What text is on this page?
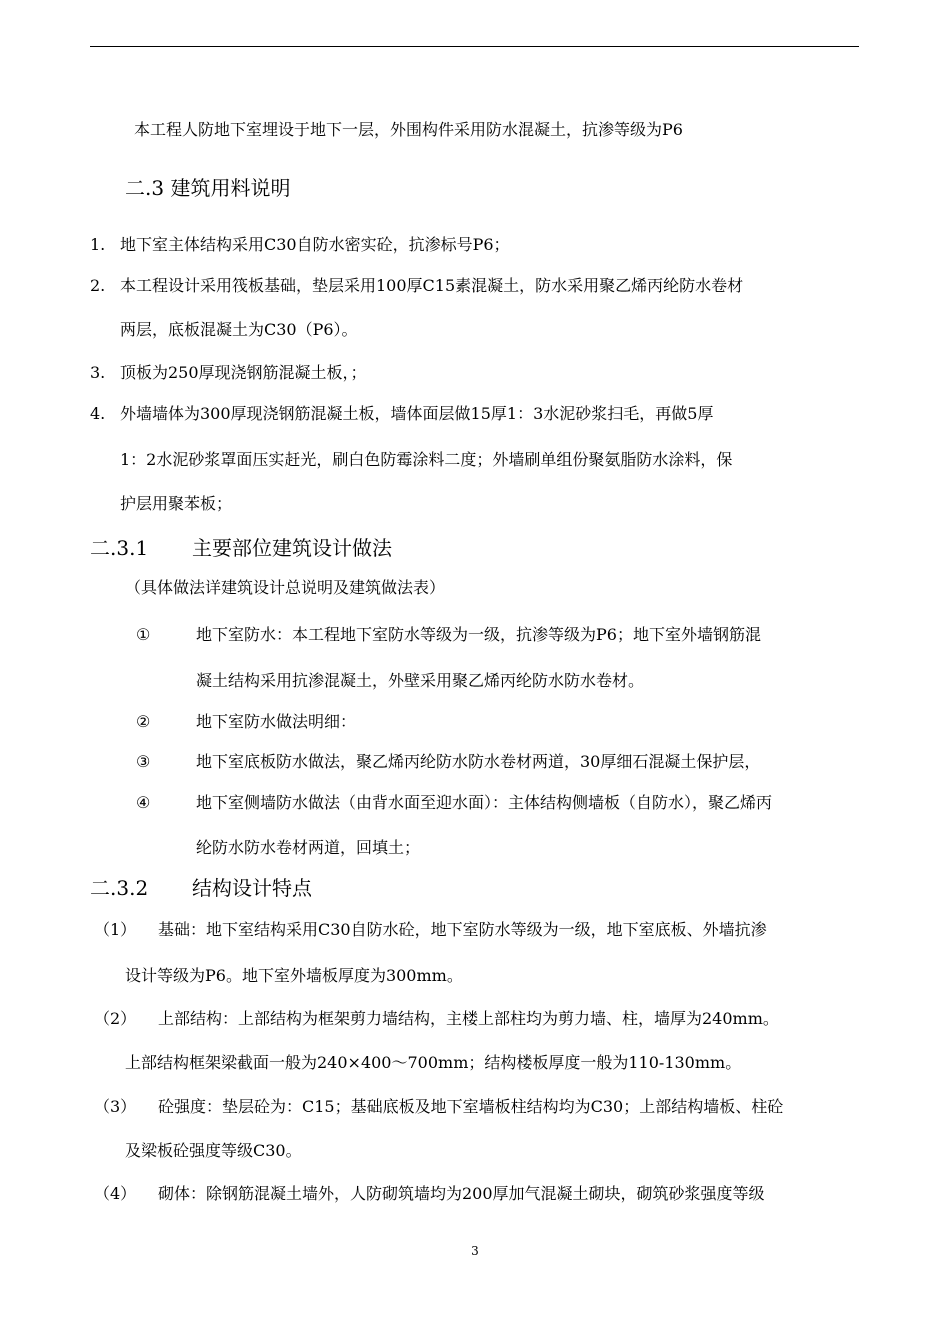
本工程人防地下室埋设于地下一层，外围构件采用防水混凝土，抗渗等级为P6
二.3 建筑用料说明
1. 地下室主体结构采用C30自防水密实砼，抗渗标号P6；
2. 本工程设计采用筏板基础，垫层采用100厚C15素混凝土，防水采用聚乙烯丙纶防水卷材
两层，底板混凝土为C30（P6）。
3. 顶板为250厚现浇钢筋混凝土板，；
4. 外墙墙体为300厚现浇钢筋混凝土板，墙体面层做15厚1：3水泥砂浆扫毛，再做5厚
1：2水泥砂浆罩面压实赶光，刷白色防霉涂料二度；外墙刷单组份聚氨脂防水涂料，保
护层用聚苯板；
二.3.1 主要部位建筑设计做法
（具体做法详建筑设计总说明及建筑做法表）
①	地下室防水：本工程地下室防水等级为一级，抗渗等级为P6；地下室外墙钢筋混
凝土结构采用抗渗混凝土，外壁采用聚乙烯丙纶防水防水卷材。
②	地下室防水做法明细：
③	地下室底板防水做法，聚乙烯丙纶防水防水卷材两道，30厚细石混凝土保护层，
④	地下室侧墙防水做法（由背水面至迎水面）：主体结构侧墙板（自防水），聚乙烯丙
纶防水防水卷材两道，回填土；
二.3.2 结构设计特点
（1） 基础：地下室结构采用C30自防水砼，地下室防水等级为一级，地下室底板、外墙抗渗
设计等级为P6。地下室外墙板厚度为300mm。
（2） 上部结构：上部结构为框架剪力墙结构，主楼上部柱均为剪力墙、柱，墙厚为240mm。
上部结构框架梁截面一般为240×400～700mm；结构楼板厚度一般为110-130mm。
（3） 砼强度：垫层砼为：C15；基础底板及地下室墙板柱结构均为C30；上部结构墙板、柱砼
及梁板砼强度等级C30。
（4） 砌体：除钢筋混凝土墙外，人防砌筑墙均为200厚加气混凝土砌块，砌筑砂浆强度等级
3
